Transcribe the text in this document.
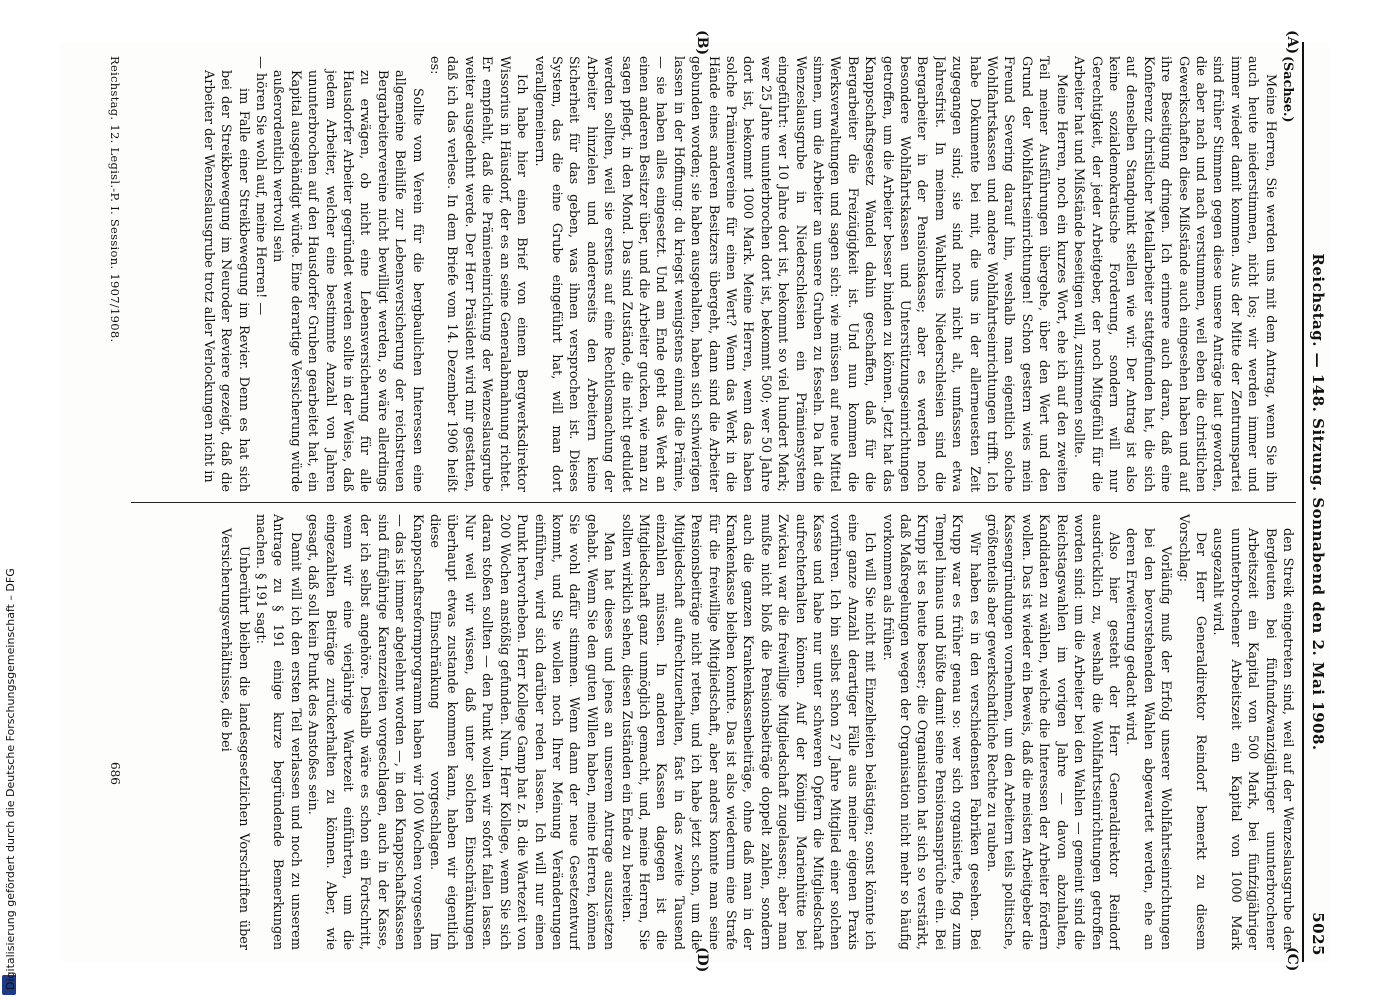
Digitalisierung gefördert durch die Deutsche Forschungsgemeinschaft – DFG
Reichstag. — 148. Sitzung. Sonnabend den 2. Mai 1908.
5025
(A)
(B)
(C)
(D)

(Sachse.)

Meine Herren, Sie werden uns mit dem Antrag, wenn Sie ihn auch heute niederstimmen, nicht los; wir werden immer und immer wieder damit kommen. Aus der Mitte der Zentrumspartei sind früher Stimmen gegen diese unsere Anträge laut geworden, die aber nach und nach verstummen, weil eben die christlichen Gewerkschaften diese Mißstände auch eingesehen haben und auf ihre Beseitigung dringen. Ich erinnere auch daran, daß eine Konferenz christlicher Metallarbeiter stattgefunden hat, die sich auf denselben Standpunkt stellen wie wir. Der Antrag ist also keine sozialdemokratische Forderung, sondern will nur Gerechtigkeit, der jeder Arbeitgeber, der noch Mitgefühl für die Arbeiter hat und Mißstände beseitigen will, zustimmen sollte.

Meine Herren, noch ein kurzes Wort, ehe ich auf den zweiten Teil meiner Ausführungen übergehe, über den Wert und den Grund der Wohlfahrtseinrichtungen! Schon gestern wies mein Freund Severing darauf hin, weshalb man eigentlich solche Wohlfahrtskassen und andere Wohlfahrtseinrichtungen trifft. Ich habe Dokumente bei mit, die uns in der allerneuesten Zeit zugegangen sind; sie sind noch nicht alt, umfassen etwa Jahresfrist. In meinem Wahlkreis Niederschlesien sind die Bergarbeiter in der Pensionskasse; aber es werden noch besondere Wohlfahrtskassen und Unterstützungseinrichtungen getroffen, um die Arbeiter besser binden zu können. Jetzt hat das Knappschaftsgesetz Wandel dahin geschaffen, daß für die Bergarbeiter die Freizügigkeit ist. Und nun kommen die Werksverwaltungen und sagen sich: wie müssen auf neue Mittel sinnen, um die Arbeiter an unsere Gruben zu fesseln. Da hat die Wenzeslausgrube in Niederschlesien ein Prämiensystem eingeführt: wer 10 Jahre dort ist, bekommt so viel hundert Mark; wer 25 Jahre ununterbrochen dort ist, bekommt 500; wer 50 Jahre dort ist, bekommt 1000 Mark. Meine Herren, wenn das haben solche Prämienvereine für einen Wert? Wenn das Werk in die Hände eines anderen Besitzers übergeht, dann sind die Arbeiter gebunden worden; sie haben ausgehalten, haben sich schwierigen lassen in der Hoffnung: du kriegst wenigstens einmal die Prämie, — sie haben alles eingesetzt. Und am Ende geht das Werk an einen anderen Besitzer über, und die Arbeiter gucken, wie man zu sagen pflegt, in den Mond. Das sind Zustände, die nicht geduldet werden sollten, weil sie erstens auf eine Rechtlosmachung der Arbeiter hinzielen und andererseits den Arbeitern keine Sicherheit für das geben, was ihnen versprochen ist. Dieses System, das die eine Grube eingeführt hat, will man dort verallgemeinern.

Ich habe hier einen Brief von einem Bergwerksdirektor Wissorius in Häusdorf, der es an seine Generalabmahnung richtet. Er empfiehlt, daß die Prämieneinrichtung der Wenzeslausgrube weiter ausgedehnt werde. Der Herr Präsident wird mir gestatten, daß ich das verlese. In dem Briefe vom 14. Dezember 1906 heißt es:

Sollte vom Verein für die bergbaulichen Interessen eine allgemeine Beihilfe zur Lebensversicherung der reichstreuen Bergarbeitervereine nicht bewilligt werden, so wäre allerdings zu erwägen, ob nicht eine Lebensversicherung für alle Hausdorfer Arbeiter gegründet werden sollte in der Weise, daß jedem Arbeiter, welcher eine bestimmte Anzahl von Jahren ununterbrochen auf den Hausdorfer Gruben gearbeitet hat, ein Kapital ausgehändigt würde. Eine derartige Versicherung würde außerordentlich wertvoll sein

— hören Sie wohl auf, meine Herren! —

im Falle einer Streikbewegung im Revier. Denn es hat sich bei der Streikbewegung im Neuroder Reviere gezeigt, daß die Arbeiter der Wenzeslausgrube trotz aller Verlockungen nicht in

den Streik eingetreten sind, weil auf der Wenzeslausgrube den Bergleuten bei fünfundzwanzigjähriger ununterbrochener Arbeitszeit ein Kapital von 500 Mark, bei fünfzigjähriger ununterbrochener Arbeitszeit ein Kapital von 1000 Mark ausgezahlt wird.

Der Herr Generaldirektor Reindorf bemerkt zu diesem Vorschlag:

Vorläufig muß der Erfolg unserer Wohlfahrtseinrichtungen bei den bevorstehenden Wahlen abgewartet werden, ehe an deren Erweiterung gedacht wird.

Also hier gesteht der Herr Generaldirektor Reindorf ausdrücklich zu, weshalb die Wohlfahrtseinrichtungen getroffen worden sind: um die Arbeiter bei den Wahlen — gemeint sind die Reichstagswahlen im vorigen Jahre — davon abzuhalten, Kandidaten zu wählen, welche die Interessen der Arbeiter fördern wollen. Das ist wieder ein Beweis, daß die meisten Arbeitgeber die Kassengründungen vornehmen, um den Arbeitern teils politische, größtenteils aber gewerkschaftliche Rechte zu rauben.

Wir haben es in den verschiedensten Fabriken gesehen. Bei Krupp war es früher genau so: wer sich organisierte, flog zum Tempel hinaus und büßte damit seine Pensionsansprüche ein. Bei Krupp ist es heute besser; die Organisation hat sich so verstärkt, daß Maßregelungen wegen der Organisation nicht mehr so häufig vorkommen als früher.

Ich will Sie nicht mit Einzelheiten belästigen; sonst könnte ich eine ganze Anzahl derartiger Fälle aus meiner eigenen Praxis vorführen. Ich bin selbst schon 27 Jahre Mitglied einer solchen Kasse und habe nur unter schweren Opfern die Mitgliedschaft aufrechterhalten können. Auf der Königin Marienhütte bei Zwickau war die freiwillige Mitgliedschaft zugelassen; aber man mußte nicht bloß die Pensionsbeiträge doppelt zahlen, sondern auch die ganzen Krankenkassenbeiträge, ohne daß man in der Krankenkasse bleiben konnte. Das ist also wiederum eine Strafe für die freiwillige Mitgliedschaft, aber anders konnte man seine Pensionsbeiträge nicht retten, und ich habe jetzt schon, um die Mitgliedschaft aufrechtzuerhalten, fast in das zweite Tausend einzahlen müssen. In anderen Kassen dagegen ist die Mitgliedschaft ganz unmöglich gemacht, und, meine Herren, Sie sollten wirklich sehen, diesen Zuständen ein Ende zu bereiten.

Man hat dieses und jenes an unserem Antrage auszusetzen gehabt. Wenn Sie den guten Willen haben, meine Herren, können Sie wohl dafür stimmen. Wenn dann der neue Gesetzentwurf kommt, und Sie wollen noch Ihrer Meinung Veränderungen einführen, wird sich darüber reden lassen. Ich will nur einen Punkt hervorheben. Herr Kollege Gamp hat z. B. die Wartezeit von 200 Wochen anstößig gefunden. Nun, Herr Kollege, wenn Sie sich daran stoßen sollten — den Punkt wollen wir sofort fallen lassen. Nur weil wir wissen, daß unter solchen Einschränkungen überhaupt etwas zustande kommen kann, haben wir eigentlich diese Einschränkung vorgeschlagen. Im Knappschaftsreformprogramm haben wir 100 Wochen vorgesehen — das ist immer abgelehnt worden —, in den Knappschaftskassen sind fünfjährige Karenzzeiten vorgeschlagen, auch in der Kasse, der ich selbst angehöre. Deshalb wäre es schon ein Fortschritt, wenn wir eine vierjährige Wartezeit einführten, um die eingezahlten Beiträge zurückerhalten zu können. Aber, wie gesagt, daß soll kein Punkt des Anstoßes sein.

Damit will ich den ersten Teil verlassen und noch zu unserem Antrage zu § 191 einige kurze begründende Bemerkungen machen. § 191 sagt:

Unberührt bleiben die landesgesetzlichen Vorschriften über Versicherungsverhältnisse, die bei

Reichstag. 12. Legisl.-P. I. Session. 1907/1908.
686
